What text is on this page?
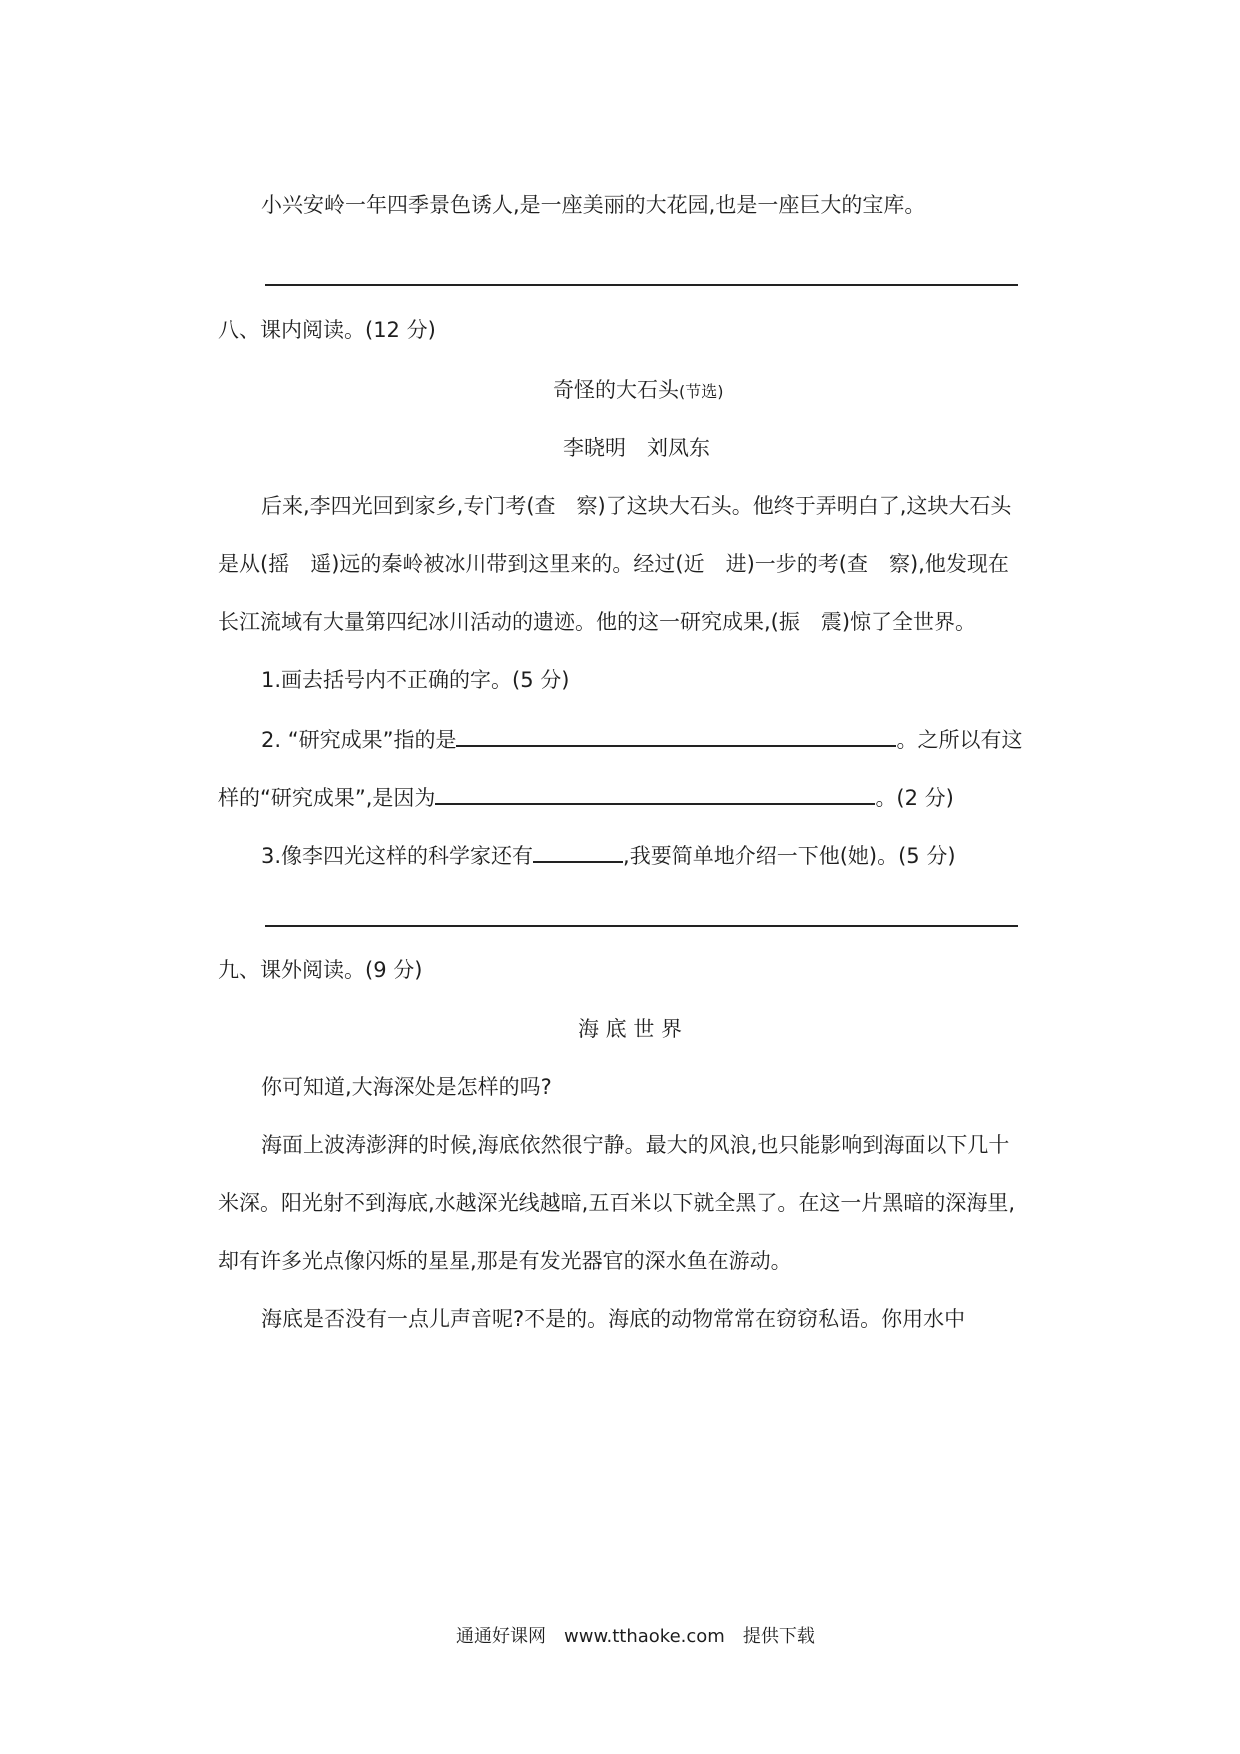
小兴安岭一年四季景色诱人,是一座美丽的大花园,也是一座巨大的宝库。
八、课内阅读。(12 分)
奇怪的大石头(节选)
李晓明　刘凤东
后来,李四光回到家乡,专门考(查　察)了这块大石头。他终于弄明白了,这块大石头
是从(摇　遥)远的秦岭被冰川带到这里来的。经过(近　进)一步的考(查　察),他发现在
长江流域有大量第四纪冰川活动的遗迹。他的这一研究成果,(振　震)惊了全世界。
1.画去括号内不正确的字。(5 分)
2. “研究成果”指的是	。之所以有这
样的“研究成果”,是因为	。(2 分)
3.像李四光这样的科学家还有	,我要简单地介绍一下他(她)。(5 分)
九、课外阅读。(9 分)
海 底 世 界
你可知道,大海深处是怎样的吗?
海面上波涛澎湃的时候,海底依然很宁静。最大的风浪,也只能影响到海面以下几十
米深。阳光射不到海底,水越深光线越暗,五百米以下就全黑了。在这一片黑暗的深海里,
却有许多光点像闪烁的星星,那是有发光器官的深水鱼在游动。
海底是否没有一点儿声音呢?不是的。海底的动物常常在窃窃私语。你用水中
通通好课网　www.tthaoke.com　提供下载
